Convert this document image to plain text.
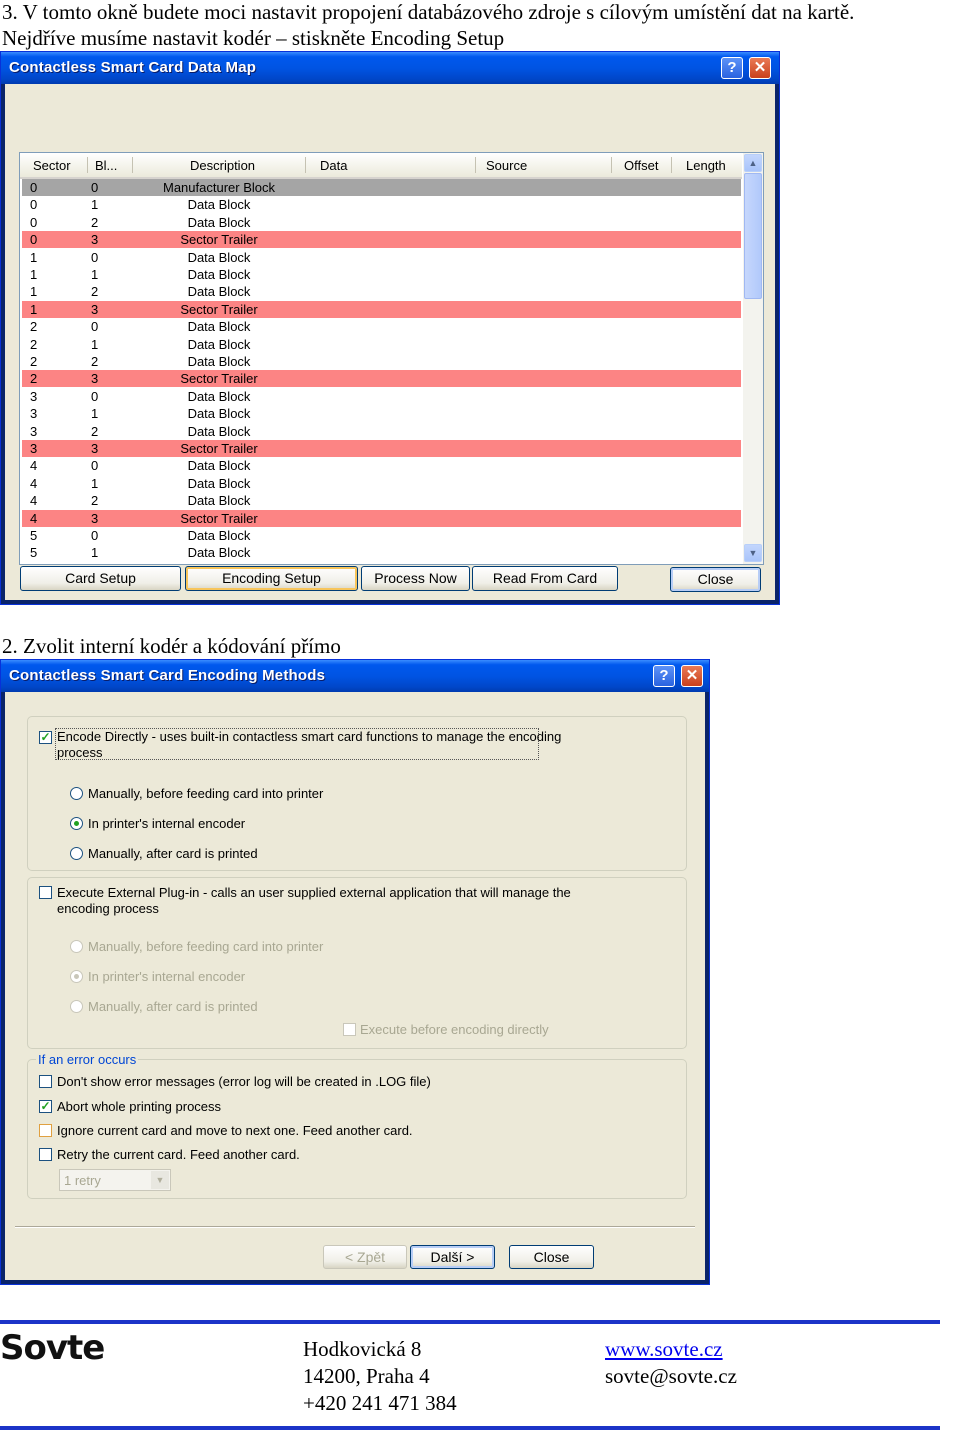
3. V tomto okně budete moci nastavit propojení databázového zdroje s cílovým umístění dat na kartě.
Nejdříve musíme nastavit kodér – stiskněte Encoding Setup
Contactless Smart Card Data Map	?	✕
Sector Bl...	Description	Data	Source	Offset Length
0	0	Manufacturer Block
0	1	Data Block
0	2	Data Block
0	3	Sector Trailer
1	0	Data Block
1	1	Data Block
1	2	Data Block
1	3	Sector Trailer
2	0	Data Block
2	1	Data Block
2	2	Data Block
2	3	Sector Trailer
3	0	Data Block
3	1	Data Block
3	2	Data Block
3	3	Sector Trailer
4	0	Data Block
4	1	Data Block
4	2	Data Block
4	3	Sector Trailer
5	0	Data Block
5	1	Data Block
▲
▼
Card Setup	Encoding Setup	Process Now	Read From Card	Close
2. Zvolit interní kodér a kódování přímo
Contactless Smart Card Encoding Methods	?	✕
✓ Encode Directly - uses built-in contactless smart card functions to manage the encoding
process
Manually, before feeding card into printer
In printer's internal encoder
Manually, after card is printed
Execute External Plug-in - calls an user supplied external application that will manage the
encoding process
Manually, before feeding card into printer
In printer's internal encoder
Manually, after card is printed
Execute before encoding directly
If an error occurs
Don't show error messages (error log will be created in .LOG file)
✓ Abort whole printing process
Ignore current card and move to next one. Feed another card.
Retry the current card. Feed another card.
1 retry	▼
< Zpět	Další >	Close
Sovte	Hodkovická 8
14200, Praha 4
+420 241 471 384
www.sovte.cz
sovte@sovte.cz
